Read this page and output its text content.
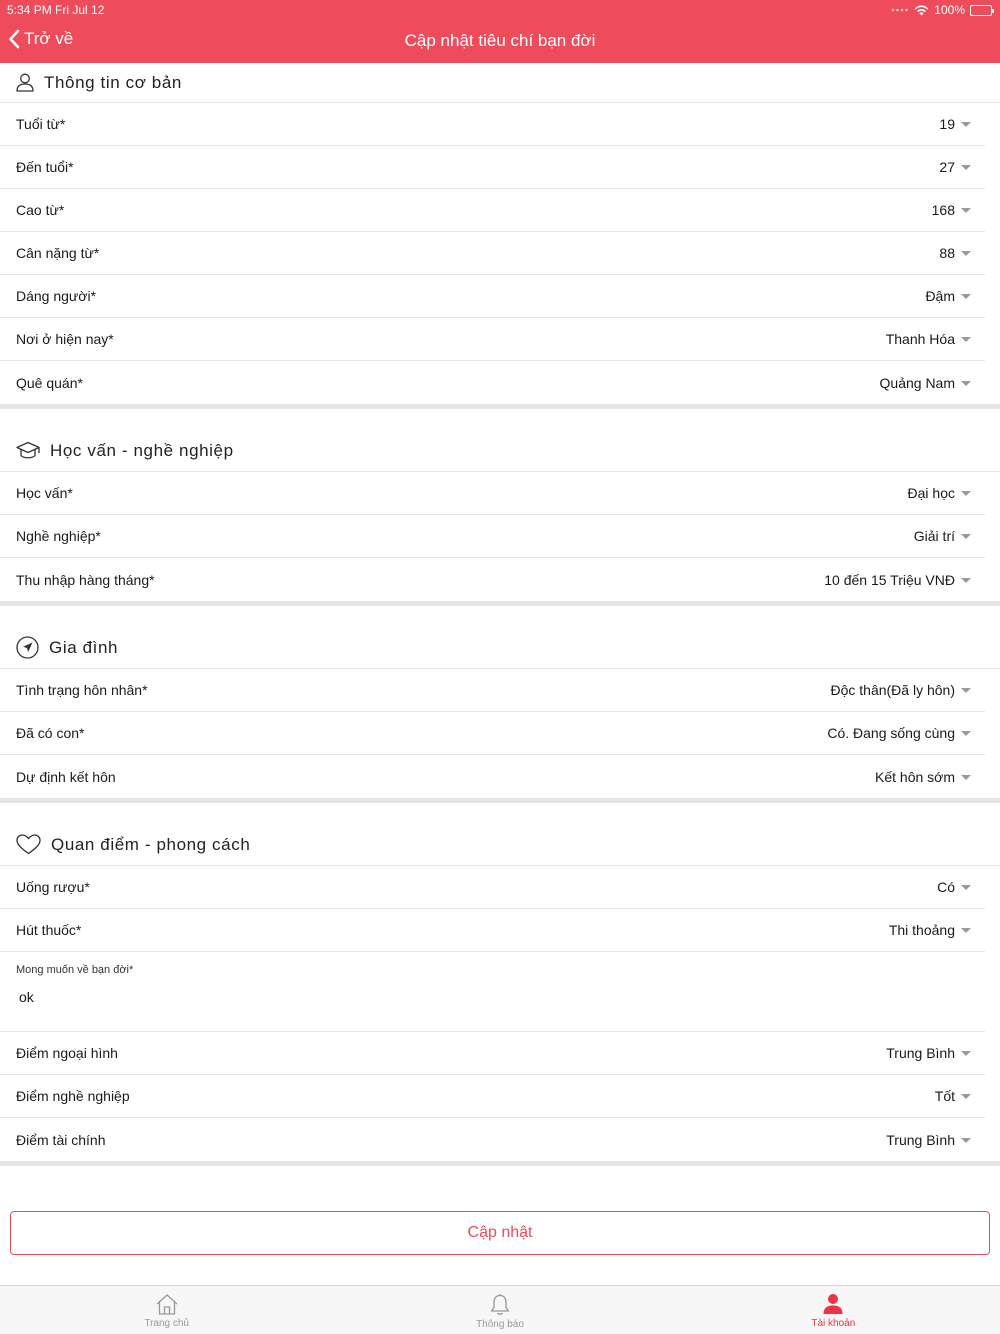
5:34 PM Fri Jul 12	100%
Trở về	Cập nhật tiêu chí bạn đời
Thông tin cơ bản
Tuổi từ*	19
Đến tuổi*	27
Cao từ*	168
Cân nặng từ*	88
Dáng người*	Đậm
Nơi ở hiện nay*	Thanh Hóa
Quê quán*	Quảng Nam
Học vấn - nghề nghiệp
Học vấn*	Đại học
Nghề nghiệp*	Giải trí
Thu nhập hàng tháng*	10 đến 15 Triệu VNĐ
Gia đình
Tình trạng hôn nhân*	Độc thân(Đã ly hôn)
Đã có con*	Có. Đang sống cùng
Dự định kết hôn	Kết hôn sớm
Quan điểm - phong cách
Uống rượu*	Có
Hút thuốc*	Thi thoảng
Mong muốn về bạn đời*
ok
Điểm ngoại hình	Trung Bình
Điểm nghề nghiệp	Tốt
Điểm tài chính	Trung Bình
Cập nhật
Trang chủ	Thông báo	Tài khoản
